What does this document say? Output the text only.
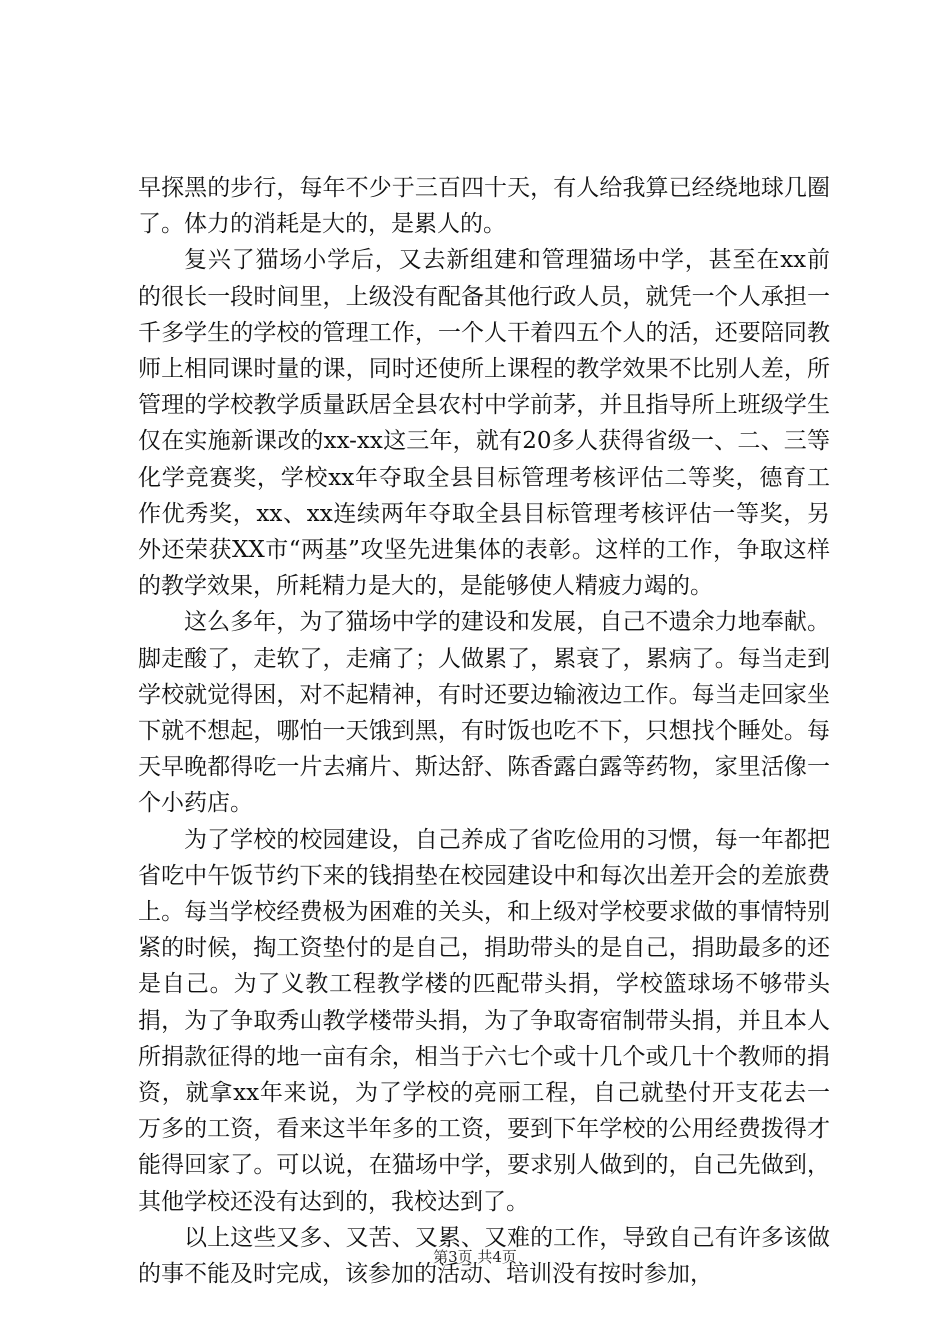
早探黑的步行，每年不少于三百四十天，有人给我算已经绕地球几圈了。体力的消耗是大的，是累人的。

复兴了猫场小学后，又去新组建和管理猫场中学，甚至在xx前的很长一段时间里，上级没有配备其他行政人员，就凭一个人承担一千多学生的学校的管理工作，一个人干着四五个人的活，还要陪同教师上相同课时量的课，同时还使所上课程的教学效果不比别人差，所管理的学校教学质量跃居全县农村中学前茅，并且指导所上班级学生仅在实施新课改的xx-xx这三年，就有20多人获得省级一、二、三等化学竞赛奖，学校xx年夺取全县目标管理考核评估二等奖，德育工作优秀奖，xx、xx连续两年夺取全县目标管理考核评估一等奖，另外还荣获XX市“两基”攻坚先进集体的表彰。这样的工作，争取这样的教学效果，所耗精力是大的，是能够使人精疲力竭的。

这么多年，为了猫场中学的建设和发展，自己不遗余力地奉献。脚走酸了，走软了，走痛了；人做累了，累衰了，累病了。每当走到学校就觉得困，对不起精神，有时还要边输液边工作。每当走回家坐下就不想起，哪怕一天饿到黑，有时饭也吃不下，只想找个睡处。每天早晚都得吃一片去痛片、斯达舒、陈香露白露等药物，家里活像一个小药店。

为了学校的校园建设，自己养成了省吃俭用的习惯，每一年都把省吃中午饭节约下来的钱捐垫在校园建设中和每次出差开会的差旅费上。每当学校经费极为困难的关头，和上级对学校要求做的事情特别紧的时候，掏工资垫付的是自己，捐助带头的是自己，捐助最多的还是自己。为了义教工程教学楼的匹配带头捐，学校篮球场不够带头捐，为了争取秀山教学楼带头捐，为了争取寄宿制带头捐，并且本人所捐款征得的地一亩有余，相当于六七个或十几个或几十个教师的捐资，就拿xx年来说，为了学校的亮丽工程，自己就垫付开支花去一万多的工资，看来这半年多的工资，要到下年学校的公用经费拨得才能得回家了。可以说，在猫场中学，要求别人做到的，自己先做到，其他学校还没有达到的，我校达到了。

以上这些又多、又苦、又累、又难的工作，导致自己有许多该做的事不能及时完成，该参加的活动、培训没有按时参加，

第3页 共4页
